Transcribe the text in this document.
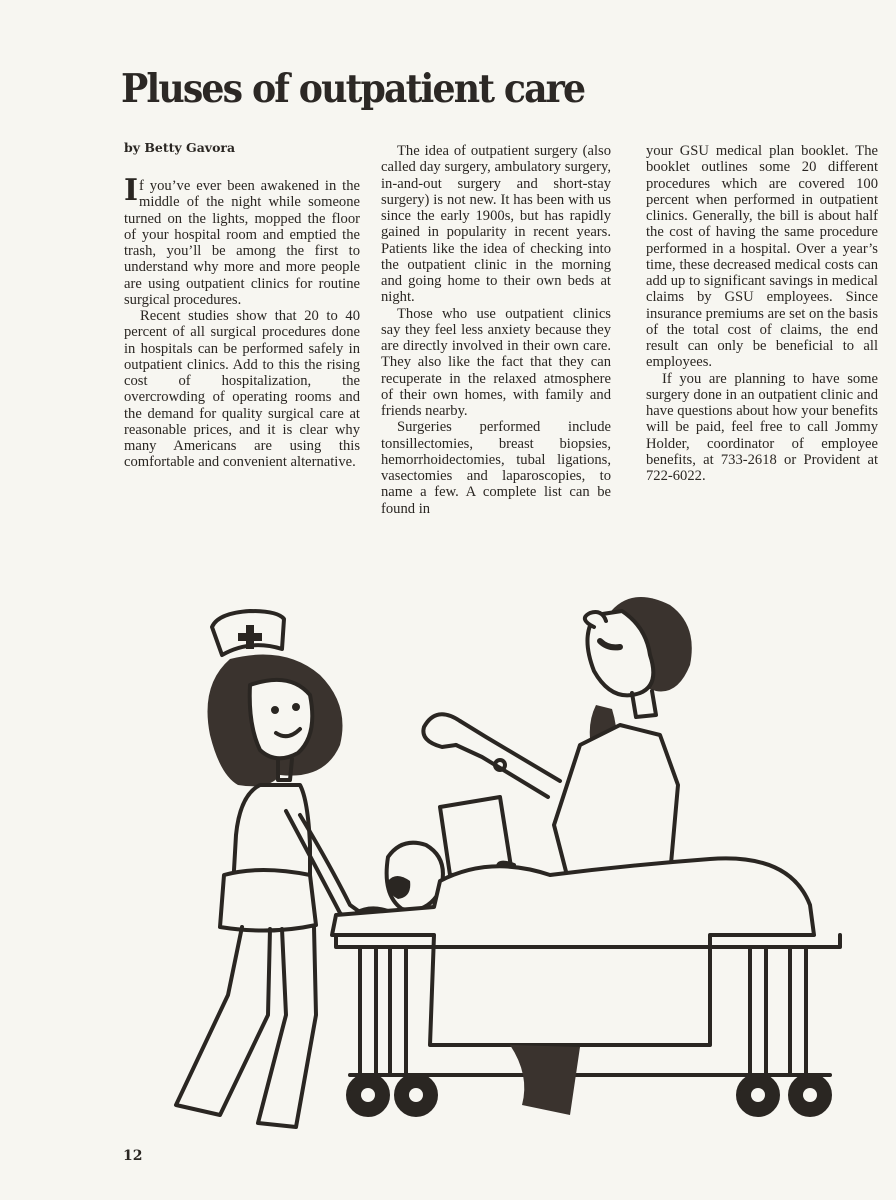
Pluses of outpatient care
by Betty Gavora

If you’ve ever been awakened in the middle of the night while someone turned on the lights, mopped the floor of your hospital room and emptied the trash, you’ll be among the first to understand why more and more people are using outpatient clinics for routine surgical procedures.

Recent studies show that 20 to 40 percent of all surgical procedures done in hospitals can be performed safely in outpatient clinics. Add to this the rising cost of hospitalization, the overcrowding of operating rooms and the demand for quality surgical care at reasonable prices, and it is clear why many Americans are using this comfortable and convenient alternative.

The idea of outpatient surgery (also called day surgery, ambulatory surgery, in-and-out surgery and short-stay surgery) is not new. It has been with us since the early 1900s, but has rapidly gained in popularity in recent years. Patients like the idea of checking into the outpatient clinic in the morning and going home to their own beds at night.

Those who use outpatient clinics say they feel less anxiety because they are directly involved in their own care. They also like the fact that they can recuperate in the relaxed atmosphere of their own homes, with family and friends nearby.

Surgeries performed include tonsillectomies, breast biopsies, hemorrhoidectomies, tubal ligations, vasectomies and laparoscopies, to name a few. A complete list can be found in

your GSU medical plan booklet. The booklet outlines some 20 different procedures which are covered 100 percent when performed in outpatient clinics. Generally, the bill is about half the cost of having the same procedure performed in a hospital. Over a year’s time, these decreased medical costs can add up to significant savings in medical claims by GSU employees. Since insurance premiums are set on the basis of the total cost of claims, the end result can only be beneficial to all employees.

If you are planning to have some surgery done in an outpatient clinic and have questions about how your benefits will be paid, feel free to call Jommy Holder, coordinator of employee benefits, at 733-2618 or Provident at 722-6022.

12
